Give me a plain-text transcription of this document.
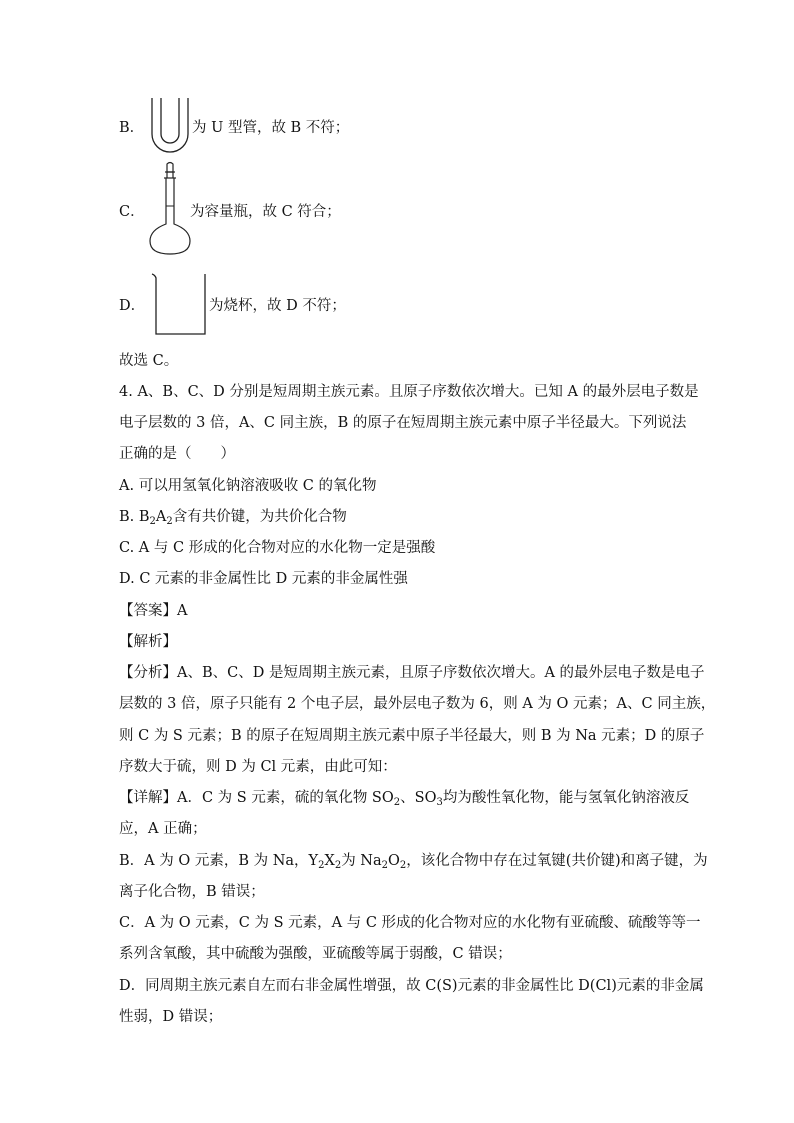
B．	为 U 型管，故 B 不符；
C．	为容量瓶，故 C 符合；
D．	为烧杯，故 D 不符；
故选 C。
4. A、B、C、D 分别是短周期主族元素。且原子序数依次增大。已知 A 的最外层电子数是
电子层数的 3 倍，A、C 同主族，B 的原子在短周期主族元素中原子半径最大。下列说法
正确的是（　　）
A. 可以用氢氧化钠溶液吸收 C 的氧化物
B. $B_2A_2$含有共价键，为共价化合物
C. A 与 C 形成的化合物对应的水化物一定是强酸
D. C 元素的非金属性比 D 元素的非金属性强
【答案】A
【解析】
【分析】A、B、C、D 是短周期主族元素，且原子序数依次增大。A 的最外层电子数是电子
层数的 3 倍，原子只能有 2 个电子层，最外层电子数为 6，则 A 为 O 元素；A、C 同主族，
则 C 为 S 元素；B 的原子在短周期主族元素中原子半径最大，则 B 为 Na 元素；D 的原子
序数大于硫，则 D 为 Cl 元素，由此可知：
【详解】A．C 为 S 元素，硫的氧化物 $SO_2$、$SO_3$均为酸性氧化物，能与氢氧化钠溶液反
应，A 正确；
B．A 为 O 元素，B 为 Na，$Y_2X_2$为 $Na_2O_2$，该化合物中存在过氧键(共价键)和离子键，为
离子化合物，B 错误；
C．A 为 O 元素，C 为 S 元素，A 与 C 形成的化合物对应的水化物有亚硫酸、硫酸等等一
系列含氧酸，其中硫酸为强酸，亚硫酸等属于弱酸，C 错误；
D．同周期主族元素自左而右非金属性增强，故 C(S)元素的非金属性比 D(Cl)元素的非金属
性弱，D 错误；
